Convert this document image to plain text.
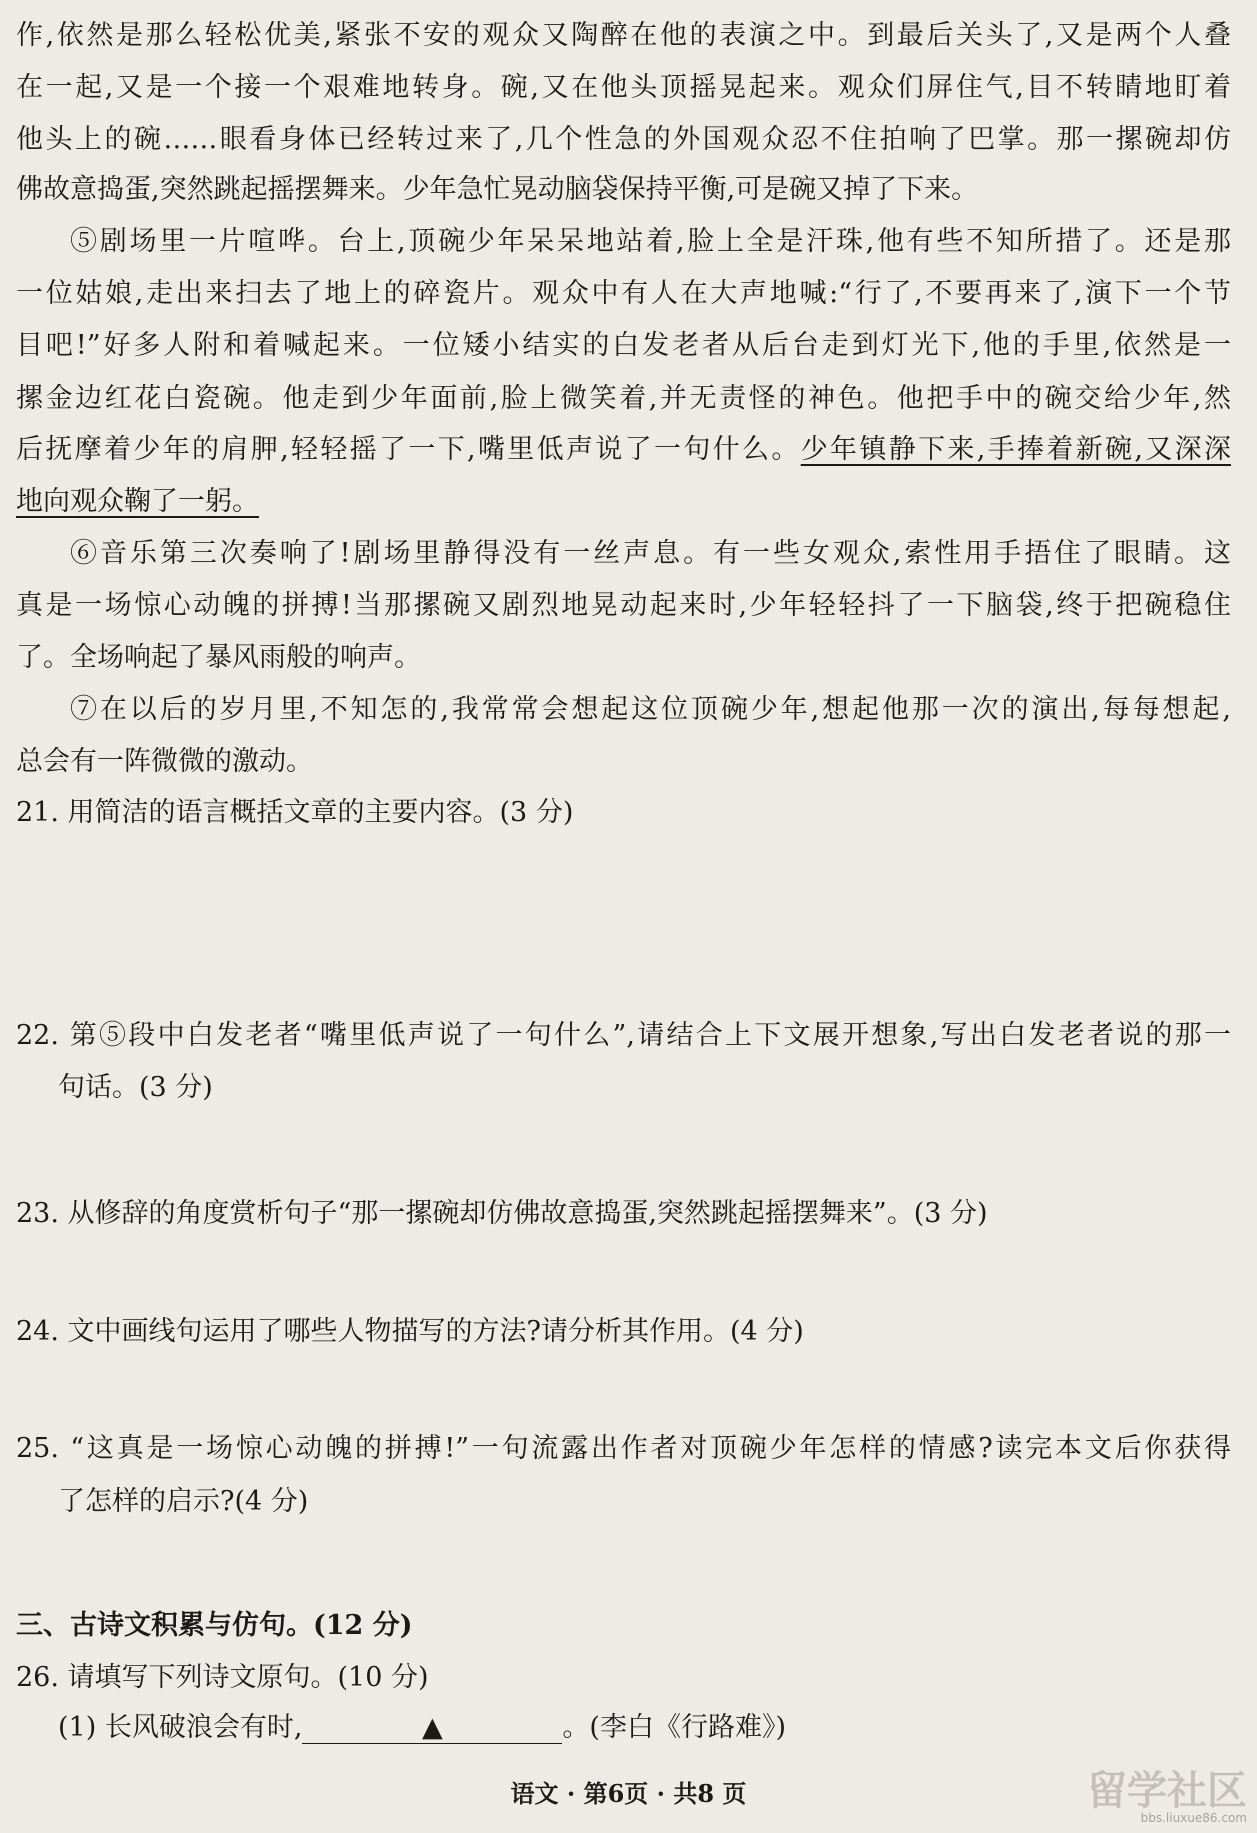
作,依然是那么轻松优美,紧张不安的观众又陶醉在他的表演之中。到最后关头了,又是两个人叠
在一起,又是一个接一个艰难地转身。碗,又在他头顶摇晃起来。观众们屏住气,目不转睛地盯着
他头上的碗……眼看身体已经转过来了,几个性急的外国观众忍不住拍响了巴掌。那一摞碗却仿
佛故意捣蛋,突然跳起摇摆舞来。少年急忙晃动脑袋保持平衡,可是碗又掉了下来。
⑤剧场里一片喧哗。台上,顶碗少年呆呆地站着,脸上全是汗珠,他有些不知所措了。还是那
一位姑娘,走出来扫去了地上的碎瓷片。观众中有人在大声地喊:“行了,不要再来了,演下一个节
目吧!”好多人附和着喊起来。一位矮小结实的白发老者从后台走到灯光下,他的手里,依然是一
摞金边红花白瓷碗。他走到少年面前,脸上微笑着,并无责怪的神色。他把手中的碗交给少年,然
后抚摩着少年的肩胛,轻轻摇了一下,嘴里低声说了一句什么。少年镇静下来,手捧着新碗,又深深
地向观众鞠了一躬。
⑥音乐第三次奏响了!剧场里静得没有一丝声息。有一些女观众,索性用手捂住了眼睛。这
真是一场惊心动魄的拼搏!当那摞碗又剧烈地晃动起来时,少年轻轻抖了一下脑袋,终于把碗稳住
了。全场响起了暴风雨般的响声。
⑦在以后的岁月里,不知怎的,我常常会想起这位顶碗少年,想起他那一次的演出,每每想起,
总会有一阵微微的激动。
21. 用简洁的语言概括文章的主要内容。(3 分)
22. 第⑤段中白发老者“嘴里低声说了一句什么”,请结合上下文展开想象,写出白发老者说的那一
句话。(3 分)
23. 从修辞的角度赏析句子“那一摞碗却仿佛故意捣蛋,突然跳起摇摆舞来”。(3 分)
24. 文中画线句运用了哪些人物描写的方法?请分析其作用。(4 分)
25. “这真是一场惊心动魄的拼搏!”一句流露出作者对顶碗少年怎样的情感?读完本文后你获得
了怎样的启示?(4 分)
三、古诗文积累与仿句。(12 分)
26. 请填写下列诗文原句。(10 分)
(1) 长风破浪会有时,	▲	。(李白《行路难》)
语文 · 第6页 · 共8 页	留学社区
bbs.liuxue86.com
